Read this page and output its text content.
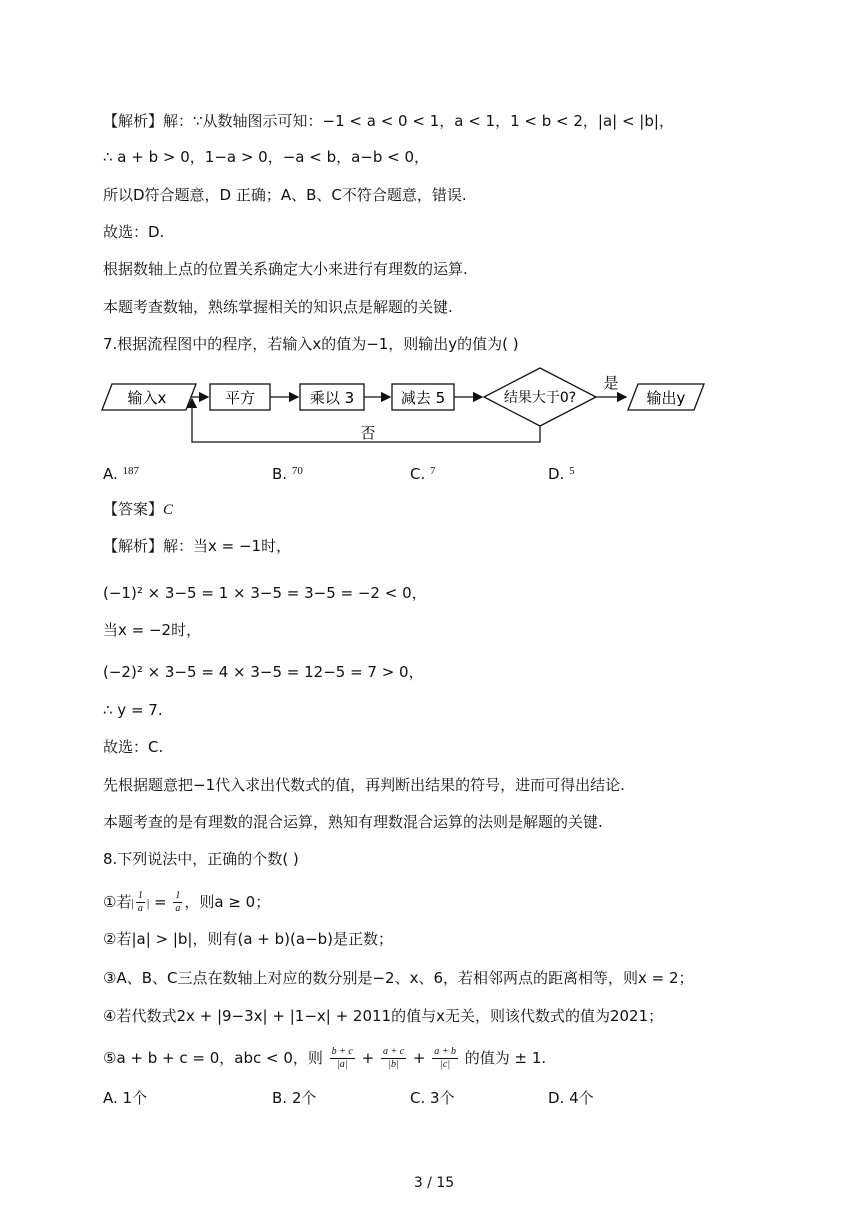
【解析】解：∵从数轴图示可知：−1 < a < 0 < 1，a < 1，1 < b < 2，|a| < |b|，
∴ a + b > 0，1−a > 0，−a < b，a−b < 0，
所以D符合题意，D 正确；A、B、C不符合题意，错误.
故选：D.
根据数轴上点的位置关系确定大小来进行有理数的运算.
本题考查数轴，熟练掌握相关的知识点是解题的关键.
7.根据流程图中的程序，若输入x的值为−1，则输出y的值为( )
输入x	平方	乘以 3	减去 5	结果大于0?
是
输出y
否
A. $^{187}$	B. $^{70}$	C. $^7$	D. $^5$
【答案】C
【解析】解：当x = −1时，
(−1)² × 3−5 = 1 × 3−5 = 3−5 = −2 < 0，
当x = −2时，
(−2)² × 3−5 = 4 × 3−5 = 12−5 = 7 > 0，
∴ y = 7.
故选：C.
先根据题意把−1代入求出代数式的值，再判断出结果的符号，进而可得出结论.
本题考查的是有理数的混合运算，熟知有理数混合运算的法则是解题的关键.
8.下列说法中，正确的个数( )
①若| $\frac{1}{a}$ | = $\frac{1}{a}$ ，则a ≥ 0；
②若|a| > |b|，则有(a + b)(a−b)是正数；
③A、B、C三点在数轴上对应的数分别是−2、x、6，若相邻两点的距离相等，则x = 2；
④若代数式2x + |9−3x| + |1−x| + 2011的值与x无关，则该代数式的值为2021；
⑤a + b + c = 0，abc < 0，则 $\frac{b + c}{|a|} + \frac{a + c}{|b|} + \frac{a + b}{|c|}$ 的值为 ± 1.
A. 1个	B. 2个	C. 3个	D. 4个
3 / 15
